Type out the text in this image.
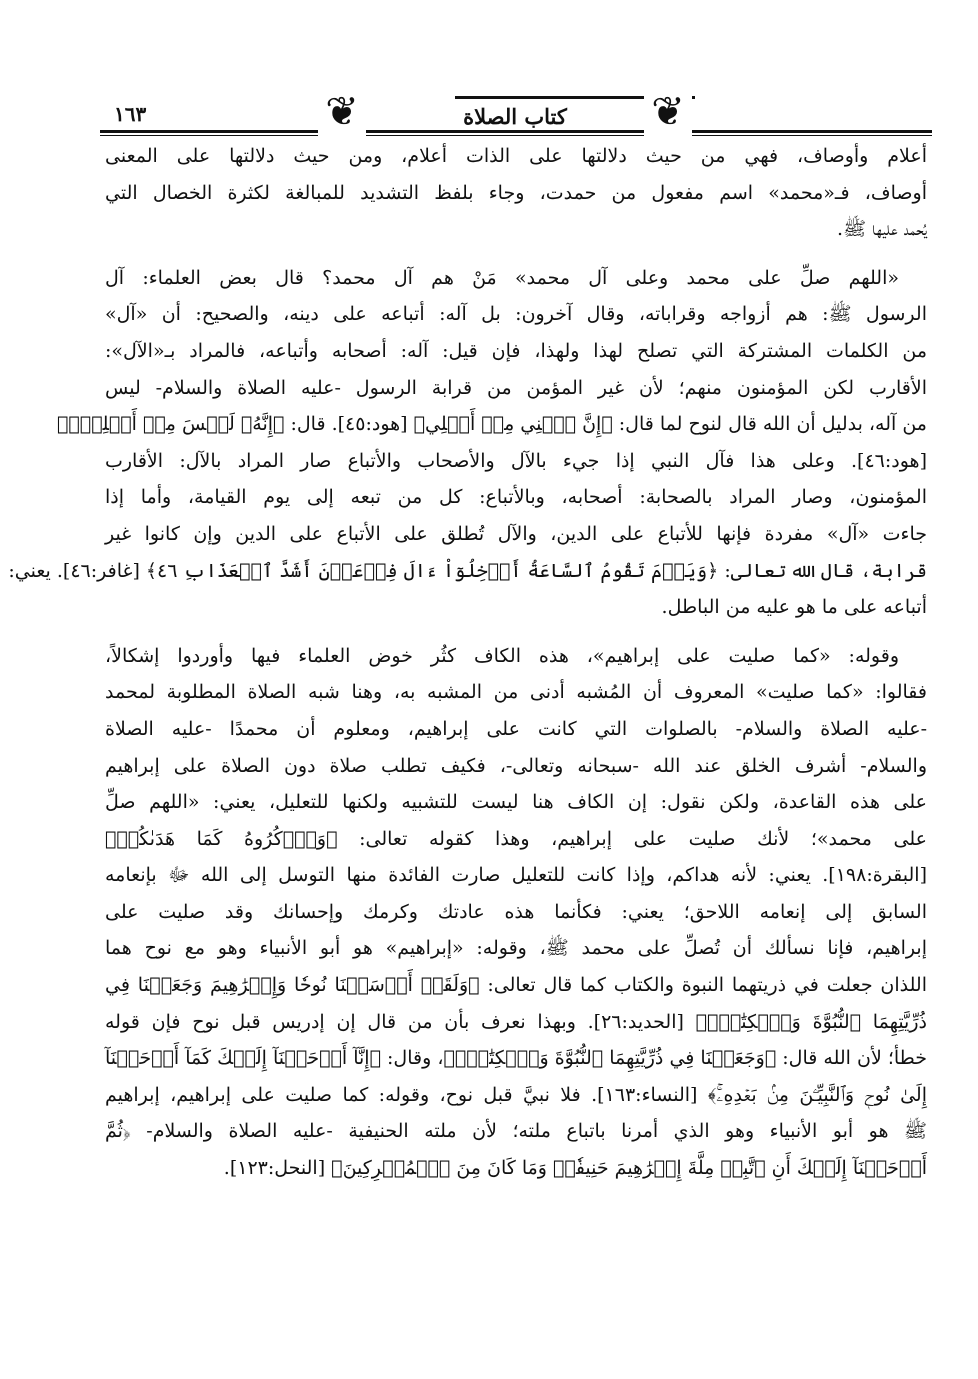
١٦٣	❦	كتاب الصلاة	❦
أعلام وأوصاف، فهي من حيث دلالتها على الذات أعلام، ومن حيث دلالتها على المعنى
أوصاف، فـ«محمد» اسم مفعول من حمدت، وجاء بلفظ التشديد للمبالغة لكثرة الخصال التي
يُحمد عليها ﷺ.
«اللهم صلِّ على محمد وعلى آل محمد» مَنْ هم آل محمد؟ قال بعض العلماء: آل
الرسول ﷺ: هم أزواجه وقراباته، وقال آخرون: بل آله: أتباعه على دينه، والصحيح: أن «آل»
من الكلمات المشتركة التي تصلح لهذا ولهذا، فإن قيل: آله: أصحابه وأتباعه، فالمراد بـ«الآل»:
الأقارب لكن المؤمنون منهم؛ لأن غير المؤمن من قرابة الرسول -عليه الصلاة والسلام- ليس
من آله، بدليل أن الله قال لنوح لما قال: ﴿إِنَّ ٱبۡنِي مِنۡ أَهۡلِي﴾ [هود:٤٥]. قال: ﴿إِنَّهُۥ لَيۡسَ مِنۡ أَهۡلِكَۖ﴾
[هود:٤٦]. وعلى هذا فآل النبي إذا جيء بالآل والأصحاب والأتباع صار المراد بالآل: الأقارب
المؤمنون، وصار المراد بالصحابة: أصحابه، وبالأتباع: كل من تبعه إلى يوم القيامة، وأما إذا
جاءت «آل» مفردة فإنها للأتباع على الدين، والآل تُطلق على الأتباع على الدين وإن كانوا غير
قرابة، قال الله تعالى: ﴿وَيَوۡمَ تَقُومُ ٱلسَّاعَةُ أَدۡخِلُوٓاْ ءَالَ فِرۡعَوۡنَ أَشَدَّ ٱلۡعَذَابِ ٤٦﴾ [غافر:٤٦]. يعني:
أتباعه على ما هو عليه من الباطل.
وقوله: «كما صليت على إبراهيم»، هذه الكاف كثُر خوض العلماء فيها وأوردوا إشكالاً،
فقالوا: «كما صليت» المعروف أن المُشبه أدنى من المشبه به، وهنا شبه الصلاة المطلوبة لمحمد
-عليه الصلاة والسلام- بالصلوات التي كانت على إبراهيم، ومعلوم أن محمدًا -عليه الصلاة
والسلام- أشرف الخلق عند الله -سبحانه وتعالى-، فكيف تطلب صلاة دون الصلاة على إبراهيم
على هذه القاعدة، ولكن نقول: إن الكاف هنا ليست للتشبيه ولكنها للتعليل، يعني: «اللهم صلِّ
على محمد»؛ لأنك صليت على إبراهيم، وهذا كقوله تعالى: ﴿وَٱذۡكُرُوهُ كَمَا هَدَىٰكُمۡ﴾
[البقرة:١٩٨]. يعني: لأنه هداكم، وإذا كانت للتعليل صارت الفائدة منها التوسل إلى الله ﷻ بإنعامه
السابق إلى إنعامه اللاحق؛ يعني: فكأنما هذه عادتك وكرمك وإحسانك وقد صليت على
إبراهيم، فإنا نسألك أن تُصلِّ على محمد ﷺ، وقوله: «إبراهيم» هو أبو الأنبياء وهو مع نوح هما
اللذان جعلت في ذريتهما النبوة والكتاب كما قال تعالى: ﴿وَلَقَدۡ أَرۡسَلۡنَا نُوحٗا وَإِبۡرَٰهِيمَ وَجَعَلۡنَا فِي
ذُرِّيَّتِهِمَا ٱلنُّبُوَّةَ وَٱلۡكِتَٰبَۖ﴾ [الحديد:٢٦]. وبهذا نعرف بأن من قال إن إدريس قبل نوح فإن قوله
خطأ؛ لأن الله قال: ﴿وَجَعَلۡنَا فِي ذُرِّيَّتِهِمَا ٱلنُّبُوَّةَ وَٱلۡكِتَٰبَۖ﴾، وقال: ﴿إِنَّآ أَوۡحَيۡنَآ إِلَيۡكَ كَمَآ أَوۡحَيۡنَآ
إِلَىٰ نُوحٖ وَٱلنَّبِيِّـۧنَ مِنۢ بَعۡدِهِۦۚ﴾ [النساء:١٦٣]. فلا نبيَّ قبل نوح، وقوله: كما صليت على إبراهيم، إبراهيم
ﷺ هو أبو الأنبياء وهو الذي أمرنا باتباع ملته؛ لأن ملته الحنيفية -عليه الصلاة والسلام- ﴿ثُمَّ
أَوۡحَيۡنَآ إِلَيۡكَ أَنِ ٱتَّبِعۡ مِلَّةَ إِبۡرَٰهِيمَ حَنِيفٗاۖ وَمَا كَانَ مِنَ ٱلۡمُشۡرِكِينَ﴾ [النحل:١٢٣].
